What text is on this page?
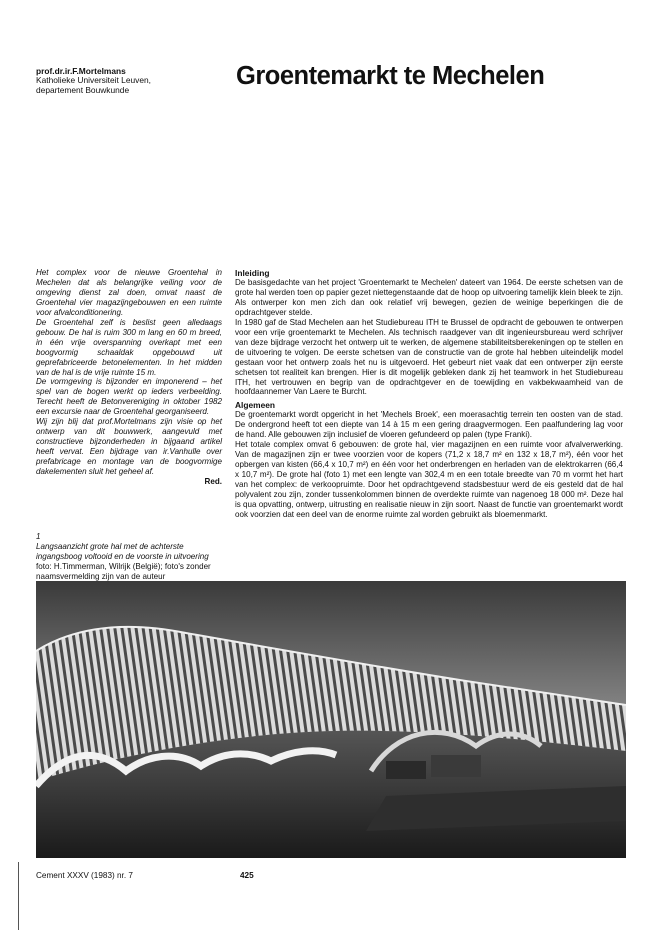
prof.dr.ir.F.Mortelmans
Katholieke Universiteit Leuven,
departement Bouwkunde	Groentemarkt te Mechelen

Het complex voor de nieuwe Groentehal in Mechelen dat als belangrijke veiling voor de omgeving dienst zal doen, omvat naast de Groentehal vier magazijngebouwen en een ruimte voor afvalconditionering.

De Groentehal zelf is beslist geen alledaags gebouw. De hal is ruim 300 m lang en 60 m breed, in één vrije overspanning overkapt met een boogvormig schaaldak opgebouwd uit geprefabriceerde betonelementen. In het midden van de hal is de vrije ruimte 15 m.

De vormgeving is bijzonder en imponerend – het spel van de bogen werkt op ieders verbeelding. Terecht heeft de Betonvereniging in oktober 1982 een excursie naar de Groentehal georganiseerd.

Wij zijn blij dat prof.Mortelmans zijn visie op het ontwerp van dit bouwwerk, aangevuld met constructieve bijzonderheden in bijgaand artikel heeft vervat. Een bijdrage van ir.Vanhulle over prefabricage en montage van de boogvormige dakelementen sluit het geheel af.

Red.
1
Langsaanzicht grote hal met de achterste ingangsboog voltooid en de voorste in uitvoering
foto: H.Timmerman, Wilrijk (België); foto's zonder naamsvermelding zijn van de auteur
Inleiding

De basisgedachte van het project 'Groentemarkt te Mechelen' dateert van 1964. De eerste schetsen van de grote hal werden toen op papier gezet niettegenstaande dat de hoop op uitvoering tamelijk klein bleek te zijn. Als ontwerper kon men zich dan ook relatief vrij bewegen, gezien de weinige beperkingen die de opdrachtgever stelde.

In 1980 gaf de Stad Mechelen aan het Studiebureau ITH te Brussel de opdracht de gebouwen te ontwerpen voor een vrije groentemarkt te Mechelen. Als technisch raadgever van dit ingenieursbureau werd schrijver van deze bijdrage verzocht het ontwerp uit te werken, de algemene stabiliteitsberekeningen op te stellen en de uitvoering te volgen. De eerste schetsen van de constructie van de grote hal hebben uiteindelijk model gestaan voor het ontwerp zoals het nu is uitgevoerd. Het gebeurt niet vaak dat een ontwerper zijn eerste schetsen tot realiteit kan brengen. Hier is dit mogelijk gebleken dank zij het teamwork in het Studiebureau ITH, het vertrouwen en begrip van de opdrachtgever en de toewijding en vakbekwaamheid van de hoofdaannemer Van Laere te Burcht.

Algemeen

De groentemarkt wordt opgericht in het 'Mechels Broek', een moerasachtig terrein ten oosten van de stad. De ondergrond heeft tot een diepte van 14 à 15 m een gering draagvermogen. Een paalfundering lag voor de hand. Alle gebouwen zijn inclusief de vloeren gefundeerd op palen (type Franki).

Het totale complex omvat 6 gebouwen: de grote hal, vier magazijnen en een ruimte voor afvalverwerking. Van de magazijnen zijn er twee voorzien voor de kopers (71,2 x 18,7 m² en 132 x 18,7 m²), één voor het opbergen van kisten (66,4 x 10,7 m²) en één voor het onderbrengen en herladen van de elektrokarren (66,4 x 10,7 m²). De grote hal (foto 1) met een lengte van 302,4 m en een totale breedte van 70 m vormt het hart van het complex: de verkoopruimte. Door het opdrachtgevend stadsbestuur werd de eis gesteld dat de hal polyvalent zou zijn, zonder tussenkolommen binnen de overdekte ruimte van nagenoeg 18 000 m². Deze hal is qua opvatting, ontwerp, uitrusting en realisatie nieuw in zijn soort. Naast de functie van groentemarkt wordt ook voorzien dat een deel van de enorme ruimte zal worden gebruikt als bloemenmarkt.

Cement XXXV (1983) nr. 7	425
